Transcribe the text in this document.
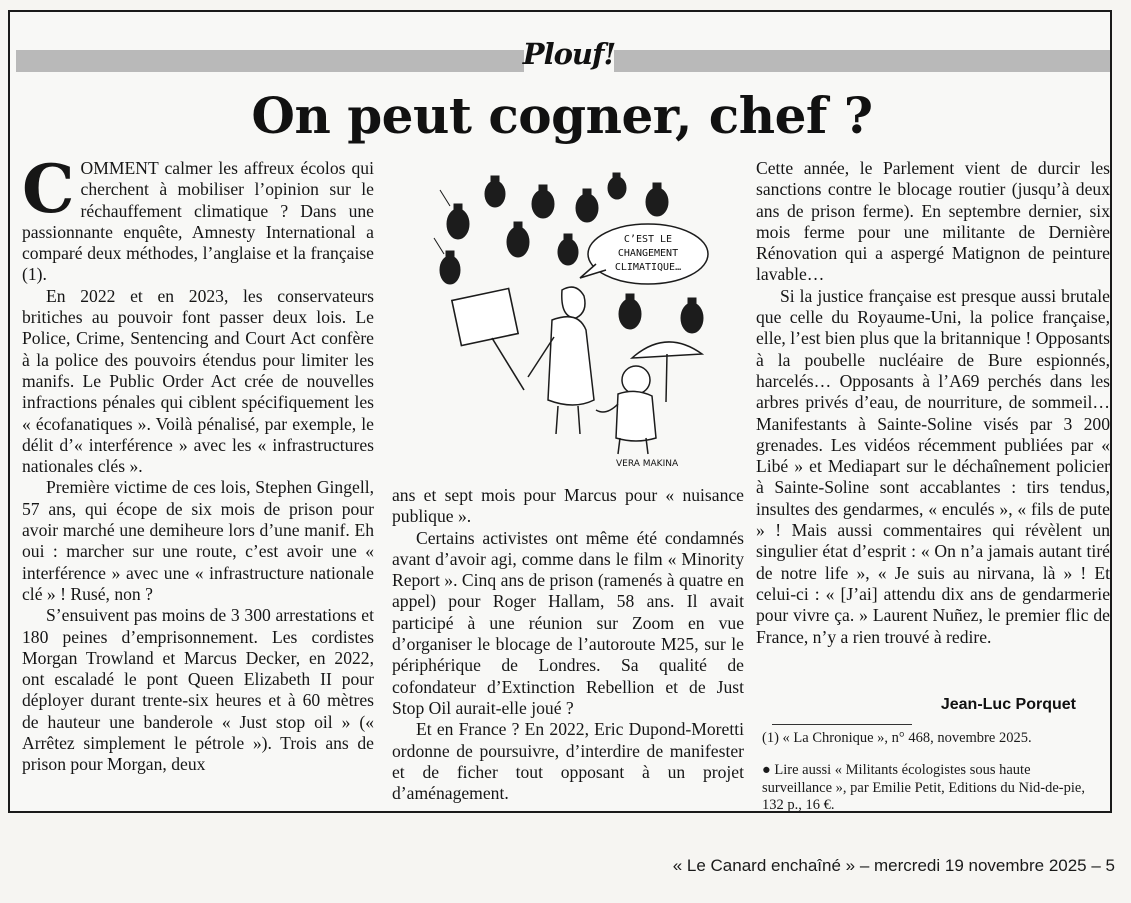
Plouf!
On peut cogner, chef ?

COMMENT calmer les affreux écolos qui cherchent à mobiliser l’opinion sur le réchauffement climatique ? Dans une passionnante enquête, Amnesty International a comparé deux méthodes, l’anglaise et la française (1).

En 2022 et en 2023, les conservateurs britiches au pouvoir font passer deux lois. Le Police, Crime, Sentencing and Court Act confère à la police des pouvoirs étendus pour limiter les manifs. Le Public Order Act crée de nouvelles infractions pénales qui ciblent spécifiquement les « écofanatiques ». Voilà pénalisé, par exemple, le délit d’« interférence » avec les « infrastructures nationales clés ».

Première victime de ces lois, Stephen Gingell, 57 ans, qui écope de six mois de prison pour avoir marché une demiheure lors d’une manif. Eh oui : marcher sur une route, c’est avoir une « interférence » avec une « infrastructure nationale clé » ! Rusé, non ?

S’ensuivent pas moins de 3 300 arrestations et 180 peines d’emprisonnement. Les cordistes Morgan Trowland et Marcus Decker, en 2022, ont escaladé le pont Queen Elizabeth II pour déployer durant trente-six heures et à 60 mètres de hauteur une banderole « Just stop oil » (« Arrêtez simplement le pétrole »). Trois ans de prison pour Morgan, deux

C’EST LE
CHANGEMENT
CLIMATIQUE…
VERA MAKINA

ans et sept mois pour Marcus pour « nuisance publique ».

Certains activistes ont même été condamnés avant d’avoir agi, comme dans le film « Minority Report ». Cinq ans de prison (ramenés à quatre en appel) pour Roger Hallam, 58 ans. Il avait participé à une réunion sur Zoom en vue d’organiser le blocage de l’autoroute M25, sur le périphérique de Londres. Sa qualité de cofondateur d’Extinction Rebellion et de Just Stop Oil aurait-elle joué ?

Et en France ? En 2022, Eric Dupond-Moretti ordonne de poursuivre, d’interdire de manifester et de ficher tout opposant à un projet d’aménagement.

Cette année, le Parlement vient de durcir les sanctions contre le blocage routier (jusqu’à deux ans de prison ferme). En septembre dernier, six mois ferme pour une militante de Dernière Rénovation qui a aspergé Matignon de peinture lavable…

Si la justice française est presque aussi brutale que celle du Royaume-Uni, la police française, elle, l’est bien plus que la britannique ! Opposants à la poubelle nucléaire de Bure espionnés, harcelés… Opposants à l’A69 perchés dans les arbres privés d’eau, de nourriture, de sommeil… Manifestants à Sainte-Soline visés par 3 200 grenades. Les vidéos récemment publiées par « Libé » et Mediapart sur le déchaînement policier à Sainte-Soline sont accablantes : tirs tendus, insultes des gendarmes, « enculés », « fils de pute » ! Mais aussi commentaires qui révèlent un singulier état d’esprit : « On n’a jamais autant tiré de notre life », « Je suis au nirvana, là » ! Et celui-ci : « [J’ai] attendu dix ans de gendarmerie pour vivre ça. » Laurent Nuñez, le premier flic de France, n’y a rien trouvé à redire.

Jean-Luc Porquet
(1) « La Chronique », n° 468, novembre 2025.
● Lire aussi « Militants écologistes sous haute surveillance », par Emilie Petit, Editions du Nid-de-pie, 132 p., 16 €.
« Le Canard enchaîné » – mercredi 19 novembre 2025 – 5
